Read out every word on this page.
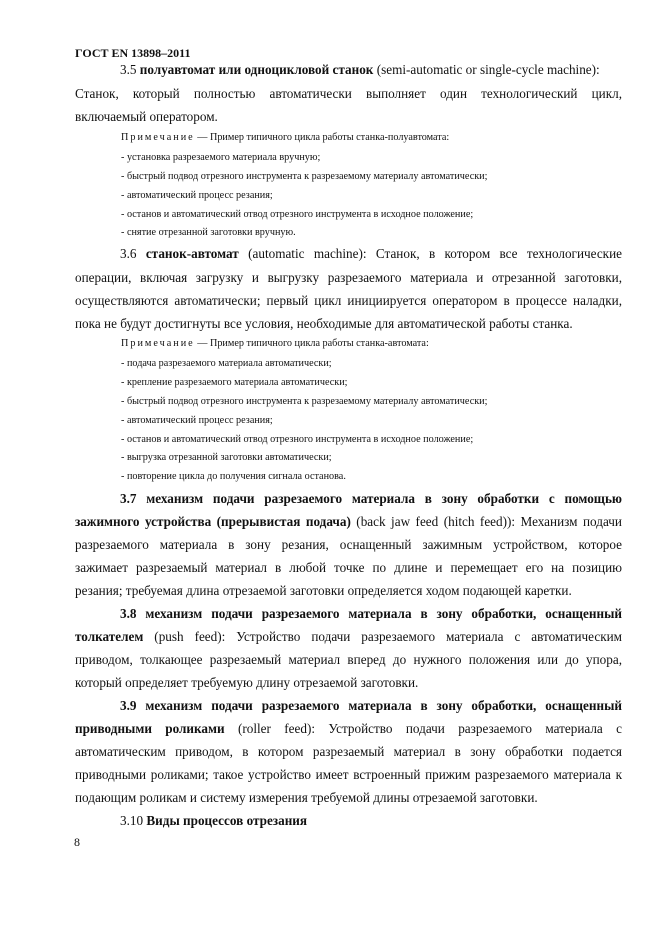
ГОСТ EN 13898–2011
3.5 полуавтомат или одноцикловой станок (semi-automatic or single-cycle machine):
Станок, который полностью автоматически выполняет один технологический цикл,
включаемый оператором.
Примечание — Пример типичного цикла работы станка-полуавтомата:
- установка разрезаемого материала вручную;
- быстрый подвод отрезного инструмента к разрезаемому материалу автоматически;
- автоматический процесс резания;
- останов и автоматический отвод отрезного инструмента в исходное положение;
- снятие отрезанной заготовки вручную.
3.6 станок-автомат (automatic machine): Станок, в котором все технологические
операции, включая загрузку и выгрузку разрезаемого материала и отрезанной заготовки,
осуществляются автоматически; первый цикл инициируется оператором в процессе наладки,
пока не будут достигнуты все условия, необходимые для автоматической работы станка.
Примечание — Пример типичного цикла работы станка-автомата:
- подача разрезаемого материала автоматически;
- крепление разрезаемого материала автоматически;
- быстрый подвод отрезного инструмента к разрезаемому материалу автоматически;
- автоматический процесс резания;
- останов и автоматический отвод отрезного инструмента в исходное положение;
- выгрузка отрезанной заготовки автоматически;
- повторение цикла до получения сигнала останова.
3.7 механизм подачи разрезаемого материала в зону обработки с помощью
зажимного устройства (прерывистая подача) (back jaw feed (hitch feed)): Механизм подачи
разрезаемого материала в зону резания, оснащенный зажимным устройством, которое
зажимает разрезаемый материал в любой точке по длине и перемещает его на позицию
резания; требуемая длина отрезаемой заготовки определяется ходом подающей каретки.
3.8 механизм подачи разрезаемого материала в зону обработки, оснащенный
толкателем (push feed): Устройство подачи разрезаемого материала с автоматическим
приводом, толкающее разрезаемый материал вперед до нужного положения или до упора,
который определяет требуемую длину отрезаемой заготовки.
3.9 механизм подачи разрезаемого материала в зону обработки, оснащенный
приводными роликами (roller feed): Устройство подачи разрезаемого материала с
автоматическим приводом, в котором разрезаемый материал в зону обработки подается
приводными роликами; такое устройство имеет встроенный прижим разрезаемого материала к
подающим роликам и систему измерения требуемой длины отрезаемой заготовки.
3.10 Виды процессов отрезания
8
